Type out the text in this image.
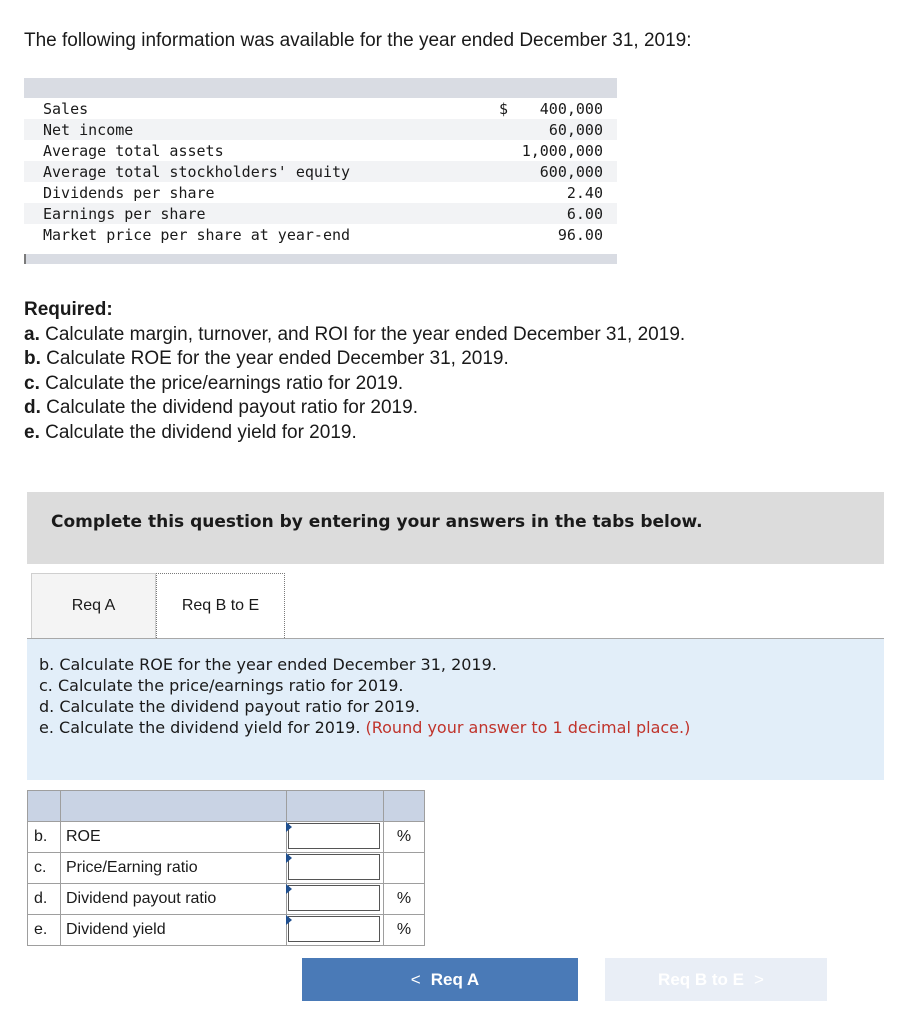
The following information was available for the year ended December 31, 2019:
Sales	$ 400,000
Net income	60,000
Average total assets	1,000,000
Average total stockholders' equity	600,000
Dividends per share	2.40
Earnings per share	6.00
Market price per share at year-end	96.00
Required:
a. Calculate margin, turnover, and ROI for the year ended December 31, 2019.
b. Calculate ROE for the year ended December 31, 2019.
c. Calculate the price/earnings ratio for 2019.
d. Calculate the dividend payout ratio for 2019.
e. Calculate the dividend yield for 2019.
Complete this question by entering your answers in the tabs below.
Req A	Req B to E
b. Calculate ROE for the year ended December 31, 2019.
c. Calculate the price/earnings ratio for 2019.
d. Calculate the dividend payout ratio for 2019.
e. Calculate the dividend yield for 2019. (Round your answer to 1 decimal place.)

b.	ROE		%
c.	Price/Earning ratio	

d.	Dividend payout ratio		%
e.	Dividend yield		%
< Req A	Req B to E >
